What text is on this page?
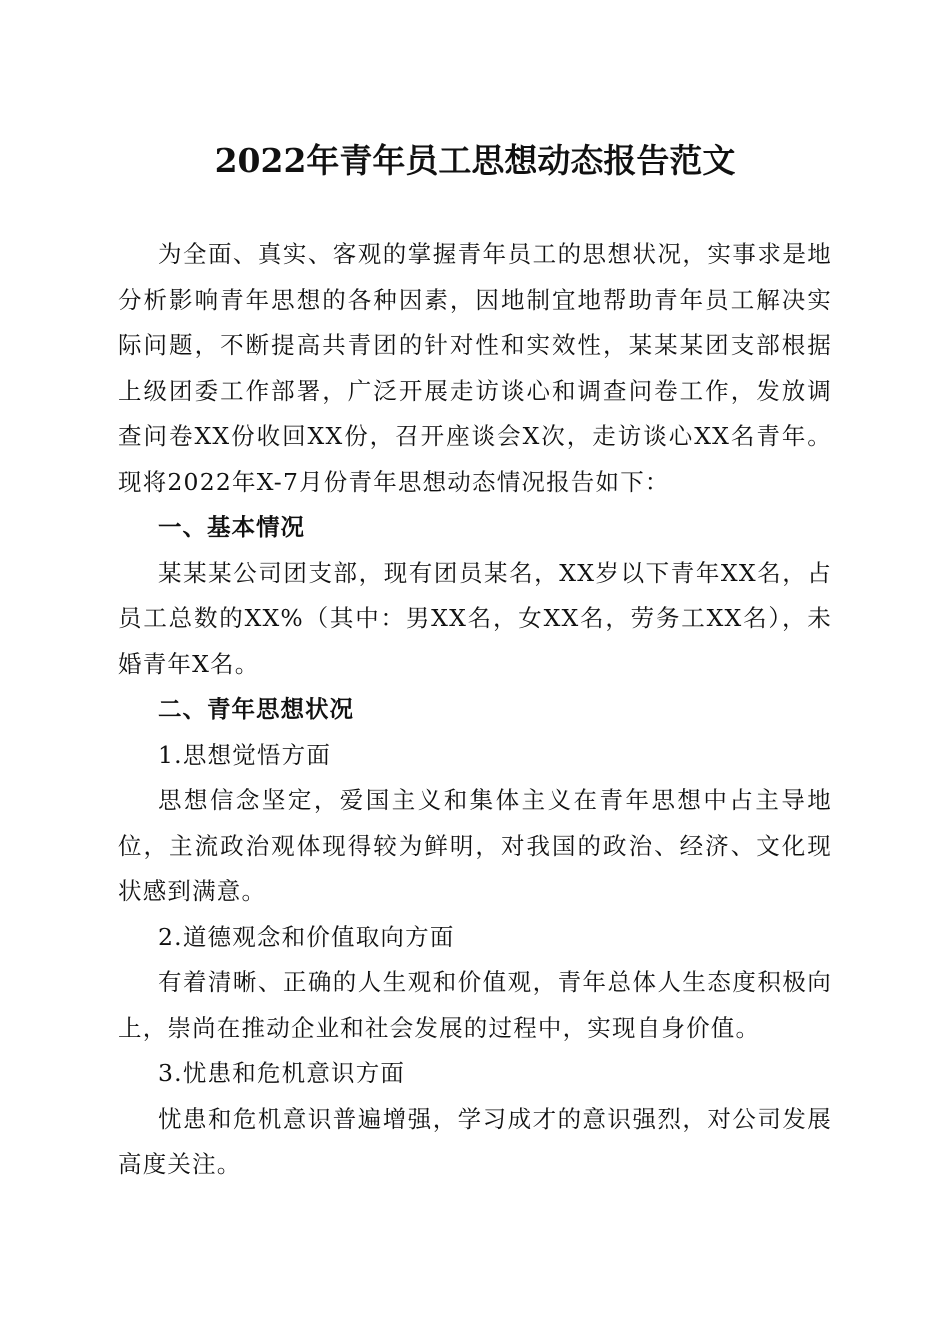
2022年青年员工思想动态报告范文

为全面、真实、客观的掌握青年员工的思想状况，实事求是地分析影响青年思想的各种因素，因地制宜地帮助青年员工解决实际问题，不断提高共青团的针对性和实效性，某某某团支部根据上级团委工作部署，广泛开展走访谈心和调查问卷工作，发放调查问卷XX份收回XX份，召开座谈会X次，走访谈心XX名青年。现将2022年X-7月份青年思想动态情况报告如下：

一、基本情况

某某某公司团支部，现有团员某名，XX岁以下青年XX名，占员工总数的XX%（其中：男XX名，女XX名，劳务工XX名），未婚青年X名。

二、青年思想状况

1.思想觉悟方面

思想信念坚定，爱国主义和集体主义在青年思想中占主导地位，主流政治观体现得较为鲜明，对我国的政治、经济、文化现状感到满意。

2.道德观念和价值取向方面

有着清晰、正确的人生观和价值观，青年总体人生态度积极向上，崇尚在推动企业和社会发展的过程中，实现自身价值。

3.忧患和危机意识方面

忧患和危机意识普遍增强，学习成才的意识强烈，对公司发展高度关注。
